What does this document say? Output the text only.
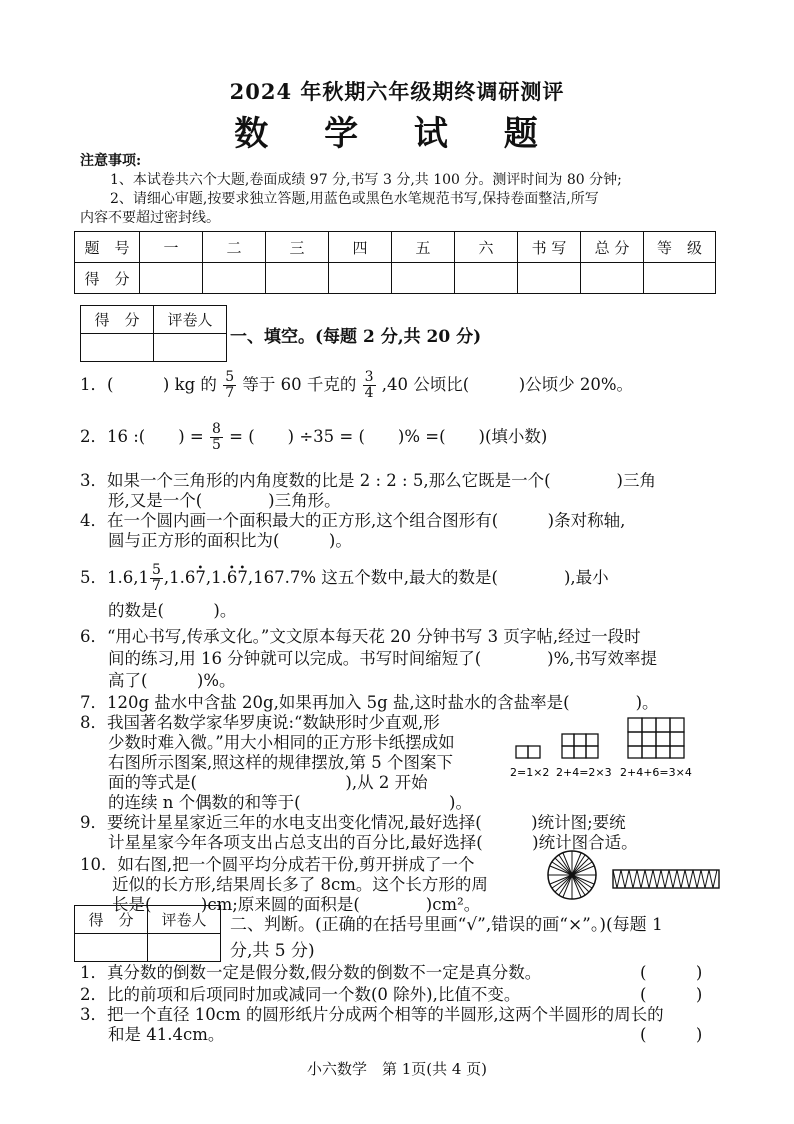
2024 年秋期六年级期终调研测评
数 学 试 题
注意事项:
1、本试卷共六个大题,卷面成绩 97 分,书写 3 分,共 100 分。测评时间为 80 分钟;
2、请细心审题,按要求独立答题,用蓝色或黑色水笔规范书写,保持卷面整洁,所写
内容不要超过密封线。
题　号	一	二	三	四	五	六	书 写	总 分	等　级
得　分									
得　分	评卷人

一、填空。(每题 2 分,共 20 分)
1．(　　　) kg 的 $\frac{5}{7}$ 等于 60 千克的 $\frac{3}{4} ,40$ 公顷比(　　　)公顷少 20%。
2．16 :(　　) = $\frac{8}{5}$ = (　　) ÷35 = (　　)% =(　　)(填小数)
3．如果一个三角形的内角度数的比是 2 : 2 : 5,那么它既是一个(　　　　)三角
形,又是一个(　　　　)三角形。
4．在一个圆内画一个面积最大的正方形,这个组合图形有(　　　)条对称轴,
圆与正方形的面积比为(　　　)。
5．$1.6,1 \frac{5}{7}$ ,1.6• 7,1.• 6• 7,167.7% 这五个数中,最大的数是(　　　　),最小
的数是(　　　)。
6．“用心书写,传承文化。”文文原本每天花 20 分钟书写 3 页字帖,经过一段时
间的练习,用 16 分钟就可以完成。书写时间缩短了(　　　　)%,书写效率提
高了(　　　)%。
7．120g 盐水中含盐 20g,如果再加入 5g 盐,这时盐水的含盐率是(　　　　)。
8．我国著名数学家华罗庚说:“数缺形时少直观,形
少数时难入微。”用大小相同的正方形卡纸摆成如
右图所示图案,照这样的规律摆放,第 5 个图案下
面的等式是(　　　　　　　　　),从 2 开始
的连续 n 个偶数的和等于(　　　　　　　　　)。
2=1×2 2+4=2×3 2+4+6=3×4
9．要统计星星家近三年的水电支出变化情况,最好选择(　　　)统计图;要统
计星星家今年各项支出占总支出的百分比,最好选择(　　　)统计图合适。
10．如右图,把一个圆平均分成若干份,剪开拼成了一个
近似的长方形,结果周长多了 8cm。这个长方形的周
长是(　　　)cm;原来圆的面积是(　　　　)cm²。
得　分	评卷人
	二、判断。(正确的在括号里画“√”,错误的画“×”。)(每题 1
分,共 5 分)
1．真分数的倒数一定是假分数,假分数的倒数不一定是真分数。	(　　　)
2．比的前项和后项同时加或减同一个数(0 除外),比值不变。	(　　　)
3．把一个直径 10cm 的圆形纸片分成两个相等的半圆形,这两个半圆形的周长的
和是 41.4cm。	(　　　)
小六数学　第 1页(共 4 页)
